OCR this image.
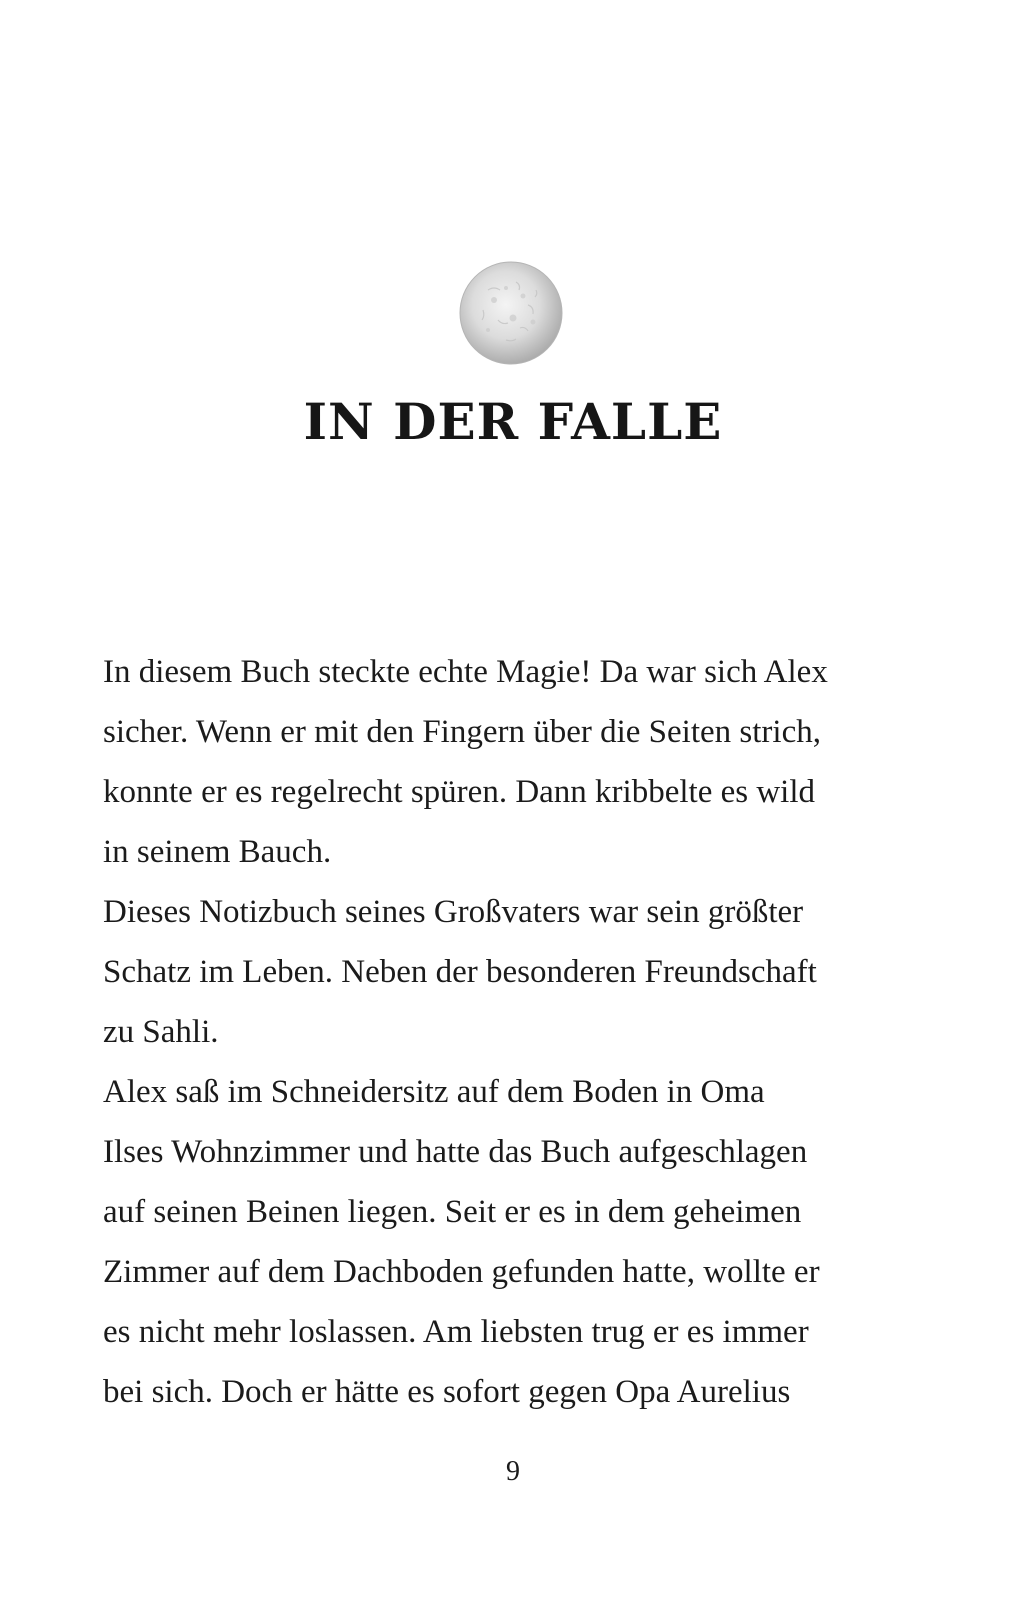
IN DER FALLE
In diesem Buch steckte echte Magie! Da war sich Alex
sicher. Wenn er mit den Fingern über die Seiten strich,
konnte er es regelrecht spüren. Dann kribbelte es wild
in seinem Bauch.
Dieses Notizbuch seines Großvaters war sein größter
Schatz im Leben. Neben der besonderen Freundschaft
zu Sahli.
Alex saß im Schneidersitz auf dem Boden in Oma
Ilses Wohnzimmer und hatte das Buch aufgeschlagen
auf seinen Beinen liegen. Seit er es in dem geheimen
Zimmer auf dem Dachboden gefunden hatte, wollte er
es nicht mehr loslassen. Am liebsten trug er es immer
bei sich. Doch er hätte es sofort gegen Opa Aurelius
9
